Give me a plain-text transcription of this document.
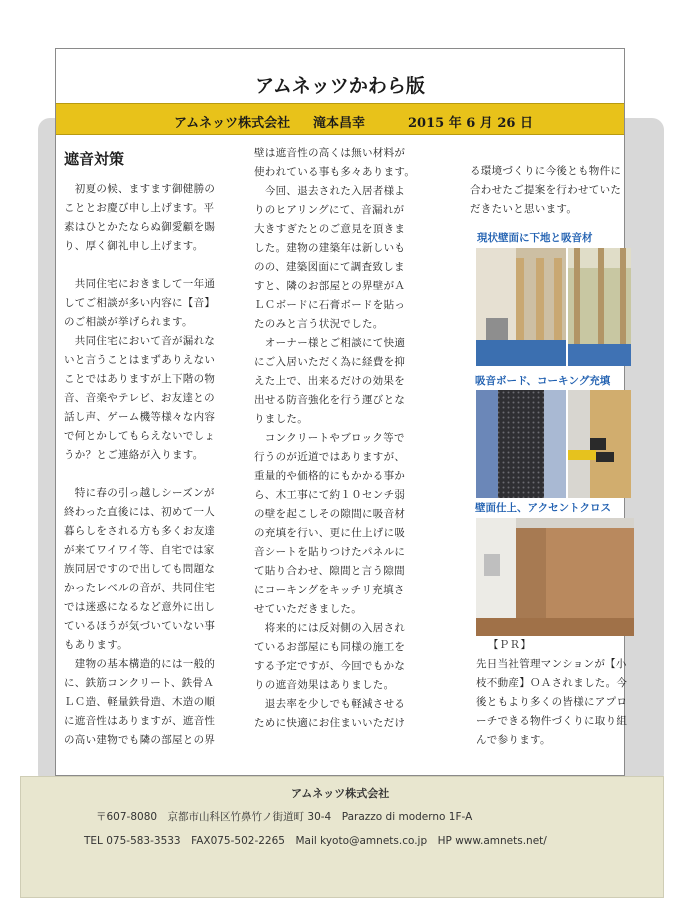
アムネッツかわら版
アムネッツ株式会社 滝本昌幸	2015 年 6 月 26 日
遮音対策

　初夏の候、ますます御健勝の

こととお慶び申し上げます。平

素はひとかたならぬ御愛顧を賜

り、厚く御礼申し上げます。

　共同住宅におきまして一年通

してご相談が多い内容に【音】

のご相談が挙げられます。

　共同住宅において音が漏れな

いと言うことはまずありえない

ことではありますが上下階の物

音、音楽やテレビ、お友達との

話し声、ゲーム機等様々な内容

で何とかしてもらえないでしょ

うか？とご連絡が入ります。

　特に春の引っ越しシーズンが

終わった直後には、初めて一人

暮らしをされる方も多くお友達

が来てワイワイ等、自宅では家

族同居ですので出しても問題な

かったレベルの音が、共同住宅

では迷惑になるなど意外に出し

ているほうが気づいていない事

もあります。

　建物の基本構造的には一般的

に、鉄筋コンクリート、鉄骨Ａ

ＬＣ造、軽量鉄骨造、木造の順

に遮音性はありますが、遮音性

の高い建物でも隣の部屋との界

壁は遮音性の高くは無い材料が

使われている事も多々あります。

　今回、退去された入居者様よ

りのヒアリングにて、音漏れが

大きすぎたとのご意見を頂きま

した。建物の建築年は新しいも

のの、建築図面にて調査致しま

すと、隣のお部屋との界壁がＡ

ＬＣボードに石膏ボードを貼っ

たのみと言う状況でした。

　オーナー様とご相談にて快適

にご入居いただく為に経費を抑

えた上で、出来るだけの効果を

出せる防音強化を行う運びとな

りました。

　コンクリートやブロック等で

行うのが近道ではありますが、

重量的や価格的にもかかる事か

ら、木工事にて約１０センチ弱

の壁を起こしその隙間に吸音材

の充填を行い、更に仕上げに吸

音シートを貼りつけたパネルに

て貼り合わせ、隙間と言う隙間

にコーキングをキッチリ充填さ

せていただきました。

　将来的には反対側の入居され

ているお部屋にも同様の施工を

する予定ですが、今回でもかな

りの遮音効果はありました。

　退去率を少しでも軽減させる

ために快適にお住まいいただけ

る環境づくりに今後とも物件に

合わせたご提案を行わせていた

だきたいと思います。

現状壁面に下地と吸音材
吸音ボード、コーキング充填
壁面仕上、アクセントクロス

【ＰＲ】

先日当社管理マンションが【小

枝不動産】ＯＡされました。今

後ともより多くの皆様にアプロ

ーチできる物件づくりに取り組

んで参ります。

アムネッツ株式会社
〒607-8080　京都市山科区竹鼻竹ノ街道町 30-4　Parazzo di moderno 1F-A
TEL 075-583-3533　FAX075-502-2265　Mail kyoto@amnets.co.jp　HP www.amnets.net/
